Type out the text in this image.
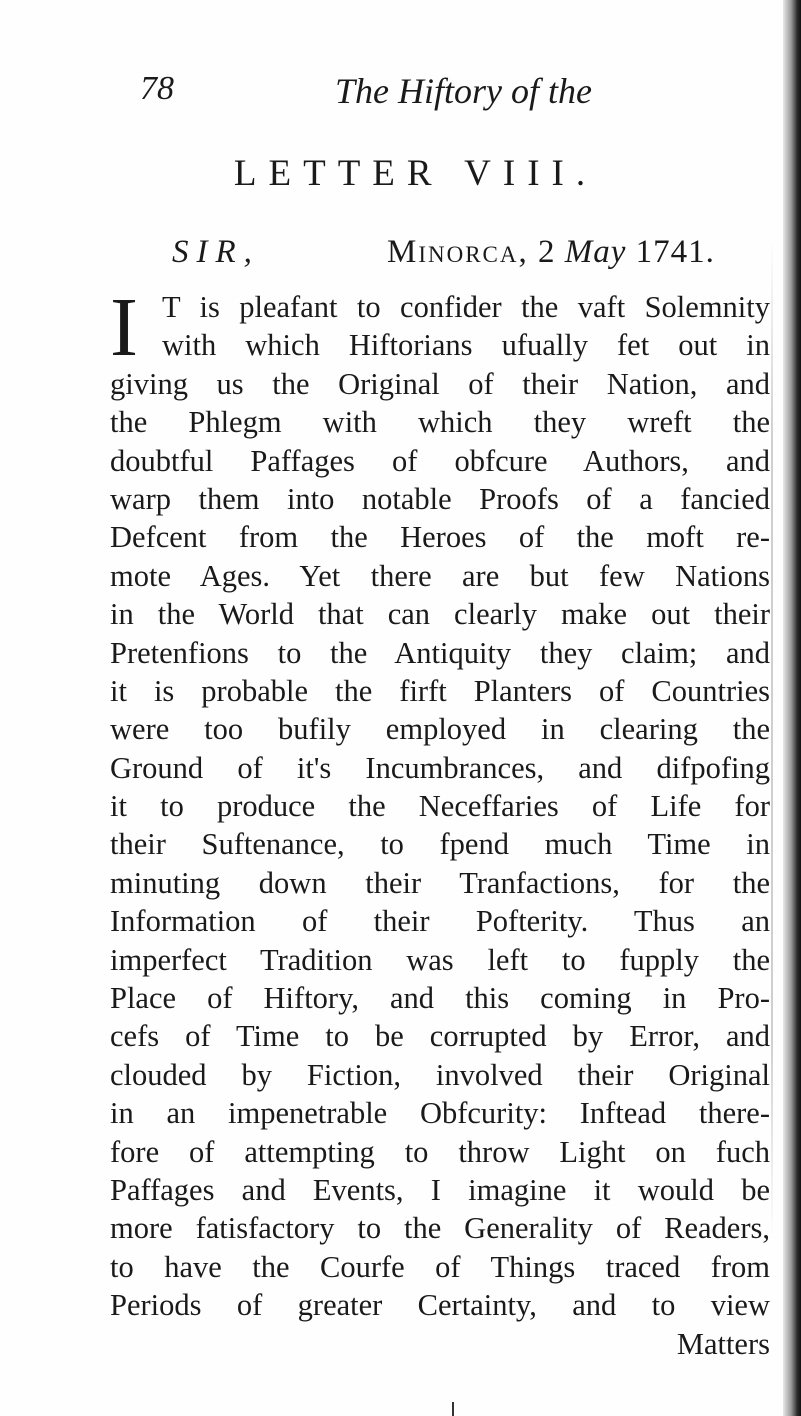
78	The Hiftory of the
LETTER VIII.
SIR,	Minorca, 2 May 1741.
I T is pleafant to confider the vaft Solemnity
with which Hiftorians ufually fet out in
giving us the Original of their Nation, and
the Phlegm with which they wreft the
doubtful Paffages of obfcure Authors, and
warp them into notable Proofs of a fancied
Defcent from the Heroes of the moft re-
mote Ages. Yet there are but few Nations
in the World that can clearly make out their
Pretenfions to the Antiquity they claim; and
it is probable the firft Planters of Countries
were too bufily employed in clearing the
Ground of it's Incumbrances, and difpofing
it to produce the Neceffaries of Life for
their Suftenance, to fpend much Time in
minuting down their Tranfactions, for the
Information of their Pofterity. Thus an
imperfect Tradition was left to fupply the
Place of Hiftory, and this coming in Pro-
cefs of Time to be corrupted by Error, and
clouded by Fiction, involved their Original
in an impenetrable Obfcurity: Inftead there-
fore of attempting to throw Light on fuch
Paffages and Events, I imagine it would be
more fatisfactory to the Generality of Readers,
to have the Courfe of Things traced from
Periods of greater Certainty, and to view
Matters
